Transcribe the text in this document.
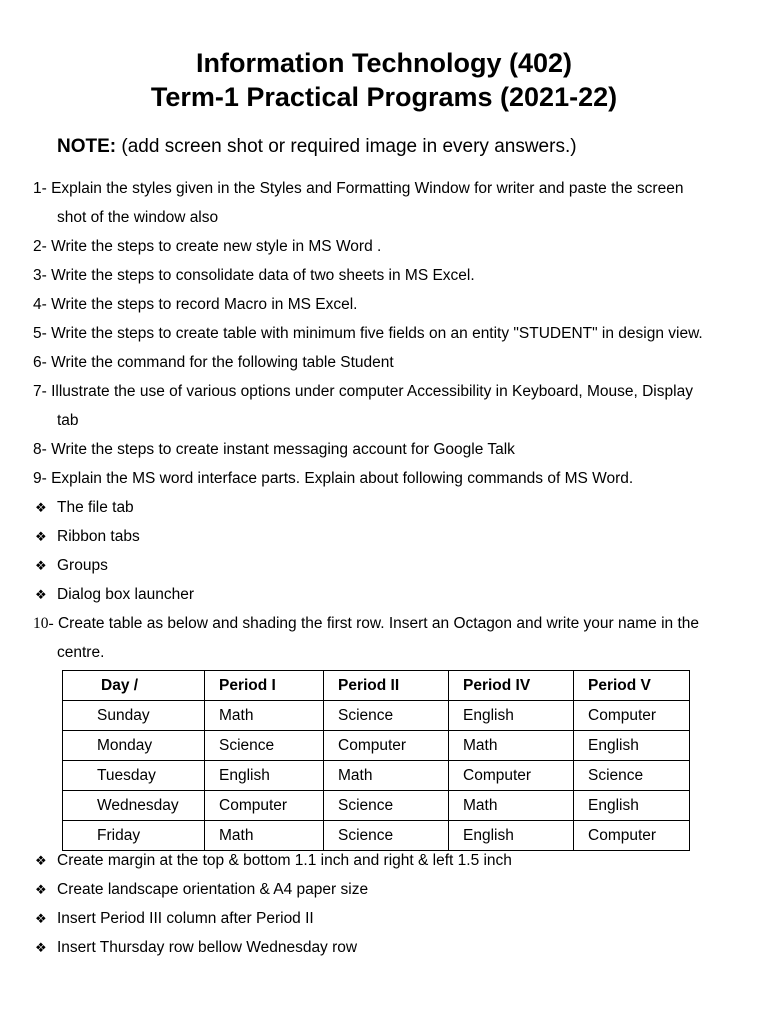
Information Technology (402)
Term-1 Practical Programs (2021-22)
NOTE: (add screen shot or required image in every answers.)
1- Explain the styles given in the Styles and Formatting Window for writer and paste the screen
shot of the window also
2- Write the steps to create new style in MS Word .
3- Write the steps to consolidate data of two sheets in MS Excel.
4- Write the steps to record Macro in MS Excel.
5- Write the steps to create table with minimum five fields on an entity "STUDENT" in design view.
6- Write the command for the following table Student
7- Illustrate the use of various options under computer Accessibility in Keyboard, Mouse, Display
tab
8- Write the steps to create instant messaging account for Google Talk
9- Explain the MS word interface parts. Explain about following commands of MS Word.
❖ The file tab
❖ Ribbon tabs
❖ Groups
❖ Dialog box launcher
10- Create table as below and shading the first row. Insert an Octagon and write your name in the
centre.
Day /	Period I	Period II	Period IV	Period V
Sunday	Math	Science	English	Computer
Monday	Science	Computer	Math	English
Tuesday	English	Math	Computer	Science
Wednesday	Computer	Science	Math	English
Friday	Math	Science	English	Computer
❖ Create margin at the top & bottom 1.1 inch and right & left 1.5 inch
❖ Create landscape orientation & A4 paper size
❖ Insert Period III column after Period II
❖ Insert Thursday row bellow Wednesday row
